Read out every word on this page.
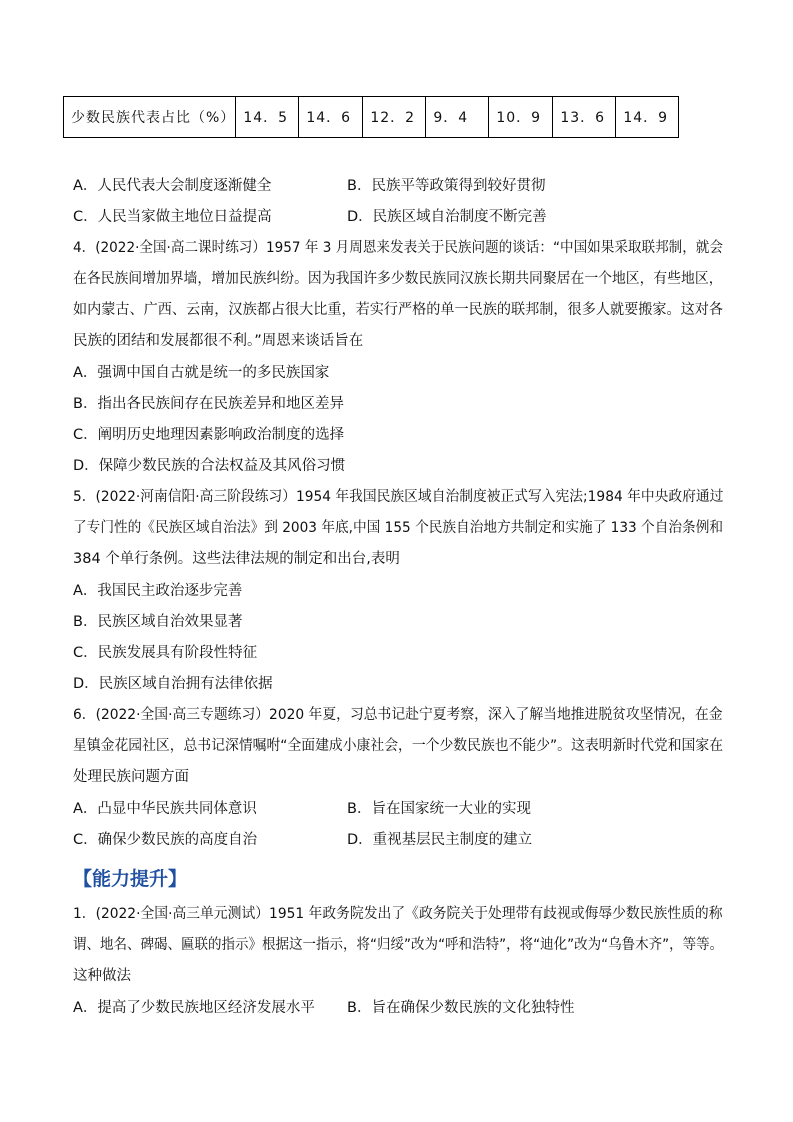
少数民族代表占比（%）	14．5	14．6	12．2	9．4	10．9	13．6	14．9
A．人民代表大会制度逐渐健全	B．民族平等政策得到较好贯彻
C．人民当家做主地位日益提高	D．民族区域自治制度不断完善
4．(2022·全国·高二课时练习）1957 年 3 月周恩来发表关于民族问题的谈话：“中国如果采取联邦制，就会
在各民族间增加界墙，增加民族纠纷。因为我国许多少数民族同汉族长期共同聚居在一个地区，有些地区，
如内蒙古、广西、云南，汉族都占很大比重，若实行严格的单一民族的联邦制，很多人就要搬家。这对各
民族的团结和发展都很不利。”周恩来谈话旨在
A．强调中国自古就是统一的多民族国家
B．指出各民族间存在民族差异和地区差异
C．阐明历史地理因素影响政治制度的选择
D．保障少数民族的合法权益及其风俗习惯
5．(2022·河南信阳·高三阶段练习）1954 年我国民族区域自治制度被正式写入宪法;1984 年中央政府通过
了专门性的《民族区域自治法》到 2003 年底,中国 155 个民族自治地方共制定和实施了 133 个自治条例和
384 个单行条例。这些法律法规的制定和出台,表明
A．我国民主政治逐步完善
B．民族区域自治效果显著
C．民族发展具有阶段性特征
D．民族区域自治拥有法律依据
6．(2022·全国·高三专题练习）2020 年夏，习总书记赴宁夏考察，深入了解当地推进脱贫攻坚情况，在金
星镇金花园社区，总书记深情嘱咐“全面建成小康社会，一个少数民族也不能少”。这表明新时代党和国家在
处理民族问题方面
A．凸显中华民族共同体意识	B．旨在国家统一大业的实现
C．确保少数民族的高度自治	D．重视基层民主制度的建立
【能力提升】
1．(2022·全国·高三单元测试）1951 年政务院发出了《政务院关于处理带有歧视或侮辱少数民族性质的称
谓、地名、碑碣、匾联的指示》根据这一指示，将“归绥”改为“呼和浩特”，将“迪化”改为“乌鲁木齐”，等等。
这种做法
A．提高了少数民族地区经济发展水平 B．旨在确保少数民族的文化独特性
